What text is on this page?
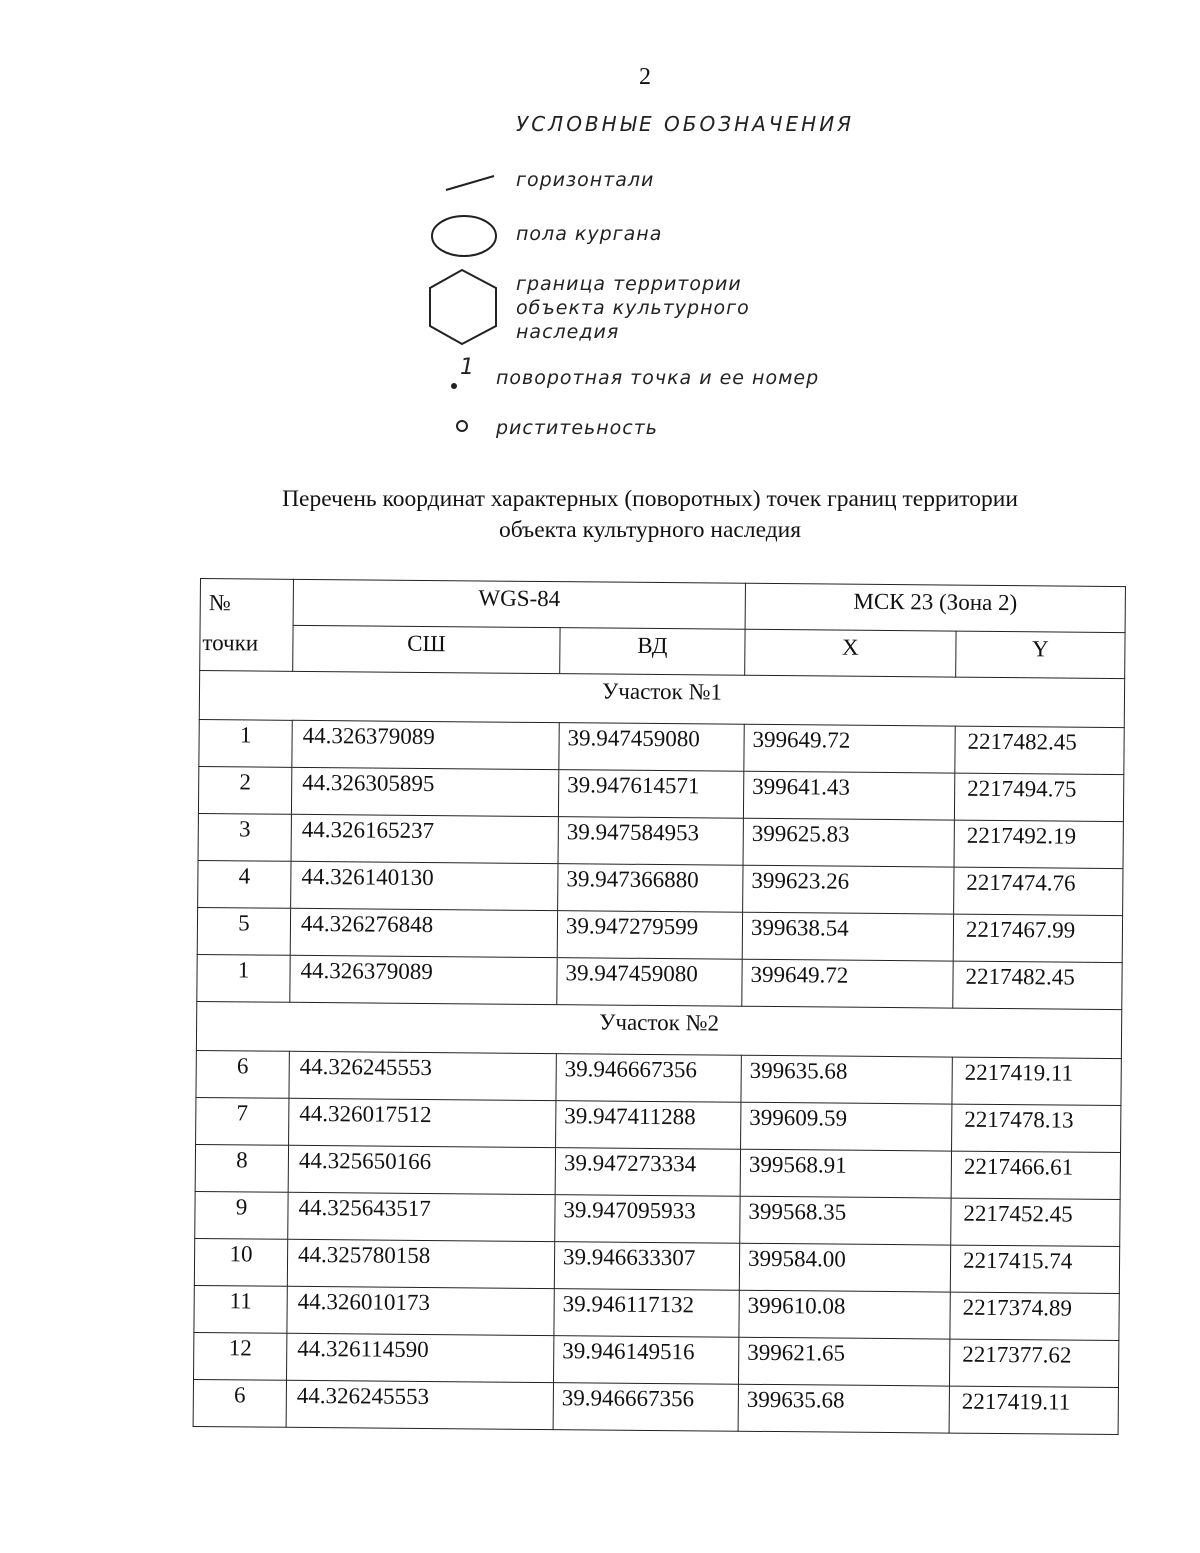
2
УСЛОВНЫЕ ОБОЗНАЧЕНИЯ
горизонтали
пола кургана
граница территории
объекта культурного
наследия
1 поворотная точка и ее номер
риститеьность
Перечень координат характерных (поворотных) точек границ территории
объекта культурного наследия
№
точки	WGS-84		МСК 23 (Зона 2)	
	СШ	ВД	X	Y
Участок №1				
1	44.326379089	39.947459080	399649.72	2217482.45
2	44.326305895	39.947614571	399641.43	2217494.75
3	44.326165237	39.947584953	399625.83	2217492.19
4	44.326140130	39.947366880	399623.26	2217474.76
5	44.326276848	39.947279599	399638.54	2217467.99
1	44.326379089	39.947459080	399649.72	2217482.45
Участок №2				
6	44.326245553	39.946667356	399635.68	2217419.11
7	44.326017512	39.947411288	399609.59	2217478.13
8	44.325650166	39.947273334	399568.91	2217466.61
9	44.325643517	39.947095933	399568.35	2217452.45
10	44.325780158	39.946633307	399584.00	2217415.74
11	44.326010173	39.946117132	399610.08	2217374.89
12	44.326114590	39.946149516	399621.65	2217377.62
6	44.326245553	39.946667356	399635.68	2217419.11
